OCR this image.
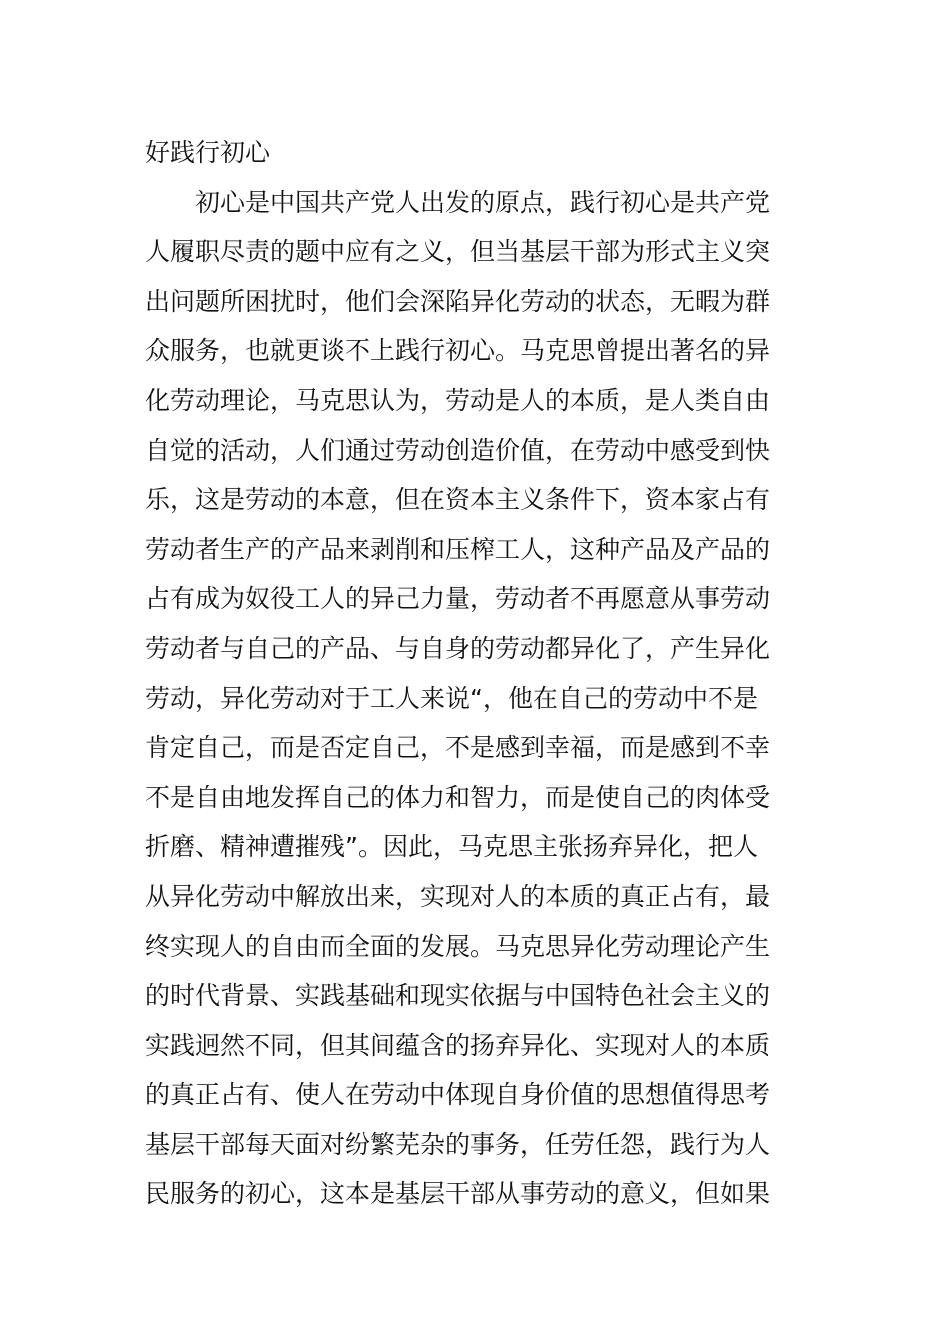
好践行初心
初心是中国共产党人出发的原点，践行初心是共产党
人履职尽责的题中应有之义，但当基层干部为形式主义突
出问题所困扰时，他们会深陷异化劳动的状态，无暇为群
众服务，也就更谈不上践行初心。马克思曾提出著名的异
化劳动理论，马克思认为，劳动是人的本质，是人类自由
自觉的活动，人们通过劳动创造价值，在劳动中感受到快
乐，这是劳动的本意，但在资本主义条件下，资本家占有
劳动者生产的产品来剥削和压榨工人，这种产品及产品的
占有成为奴役工人的异己力量，劳动者不再愿意从事劳动
劳动者与自己的产品、与自身的劳动都异化了，产生异化
劳动，异化劳动对于工人来说“，他在自己的劳动中不是
肯定自己，而是否定自己，不是感到幸福，而是感到不幸
不是自由地发挥自己的体力和智力，而是使自己的肉体受
折磨、精神遭摧残”。因此，马克思主张扬弃异化，把人
从异化劳动中解放出来，实现对人的本质的真正占有，最
终实现人的自由而全面的发展。马克思异化劳动理论产生
的时代背景、实践基础和现实依据与中国特色社会主义的
实践迥然不同，但其间蕴含的扬弃异化、实现对人的本质
的真正占有、使人在劳动中体现自身价值的思想值得思考
基层干部每天面对纷繁芜杂的事务，任劳任怨，践行为人
民服务的初心，这本是基层干部从事劳动的意义，但如果
